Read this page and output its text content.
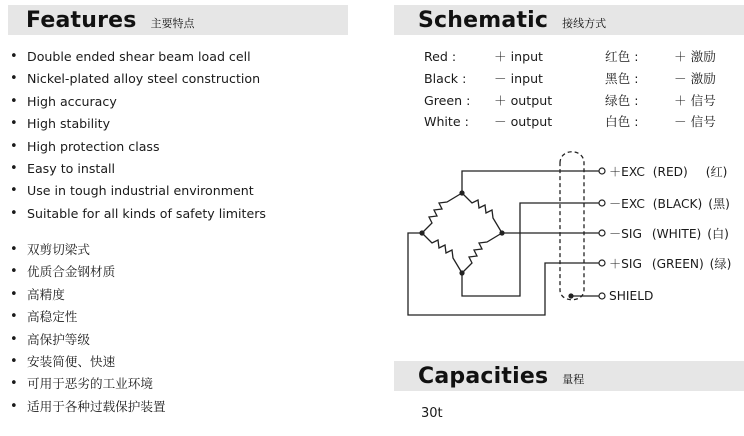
Features 主要特点
• Double ended shear beam load cell
• Nickel-plated alloy steel construction
• High accuracy
• High stability
• High protection class
• Easy to install
• Use in tough industrial environment
• Suitable for all kinds of safety limiters
• 双剪切梁式
• 优质合金钢材质
• 高精度
• 高稳定性
• 高保护等级
• 安装简便、快速
• 可用于恶劣的工业环境
• 适用于各种过载保护装置
Schematic 接线方式
Red :
Black :
Green :
White :
＋ input
－ input
＋ output
－ output
红色 :
黑色 :
绿色 :
白色 :
＋ 激励
－ 激励
＋ 信号
－ 信号
＋EXC (RED) (红)
－EXC (BLACK) (黑)
－SIG (WHITE) (白)
＋SIG (GREEN) (绿)
SHIELD
Capacities 量程
30t
